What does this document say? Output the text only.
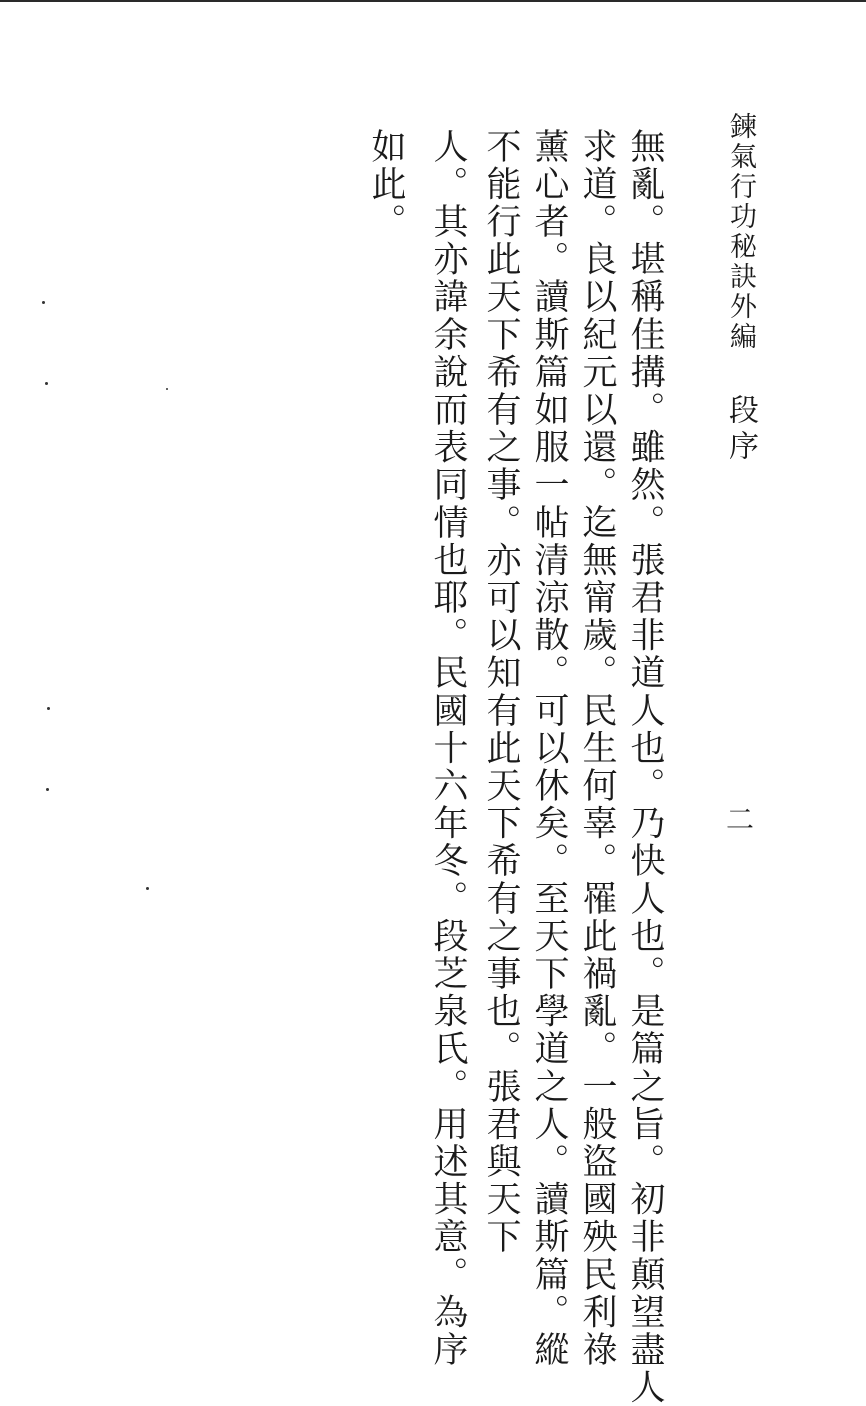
鍊氣行功秘訣外編
段序
二
無亂。堪稱佳搆。雖然。張君非道人也。乃快人也。是篇之旨。初非顛望盡人
求道。良以紀元以還。迄無甯歲。民生何辜。罹此禍亂。一般盜國殃民利祿
薰心者。讀斯篇如服一帖清涼散。可以休矣。至天下學道之人。讀斯篇。縱
不能行此天下希有之事。亦可以知有此天下希有之事也。張君與天下
人。其亦諱余說而表同情也耶。民國十六年冬。段芝泉氏。用述其意。為序
如此。
